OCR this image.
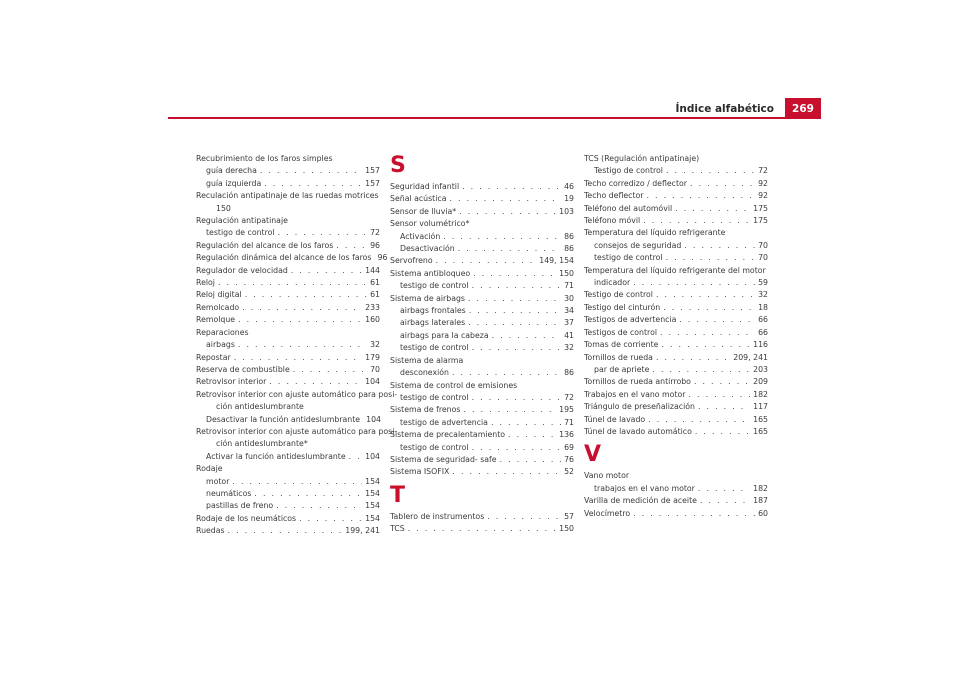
Índice alfabético	269
Recubrimiento de los faros simples
guía derecha . . .	157
guía izquierda . . .	157
Reculación antipatinaje de las ruedas motrices
150
Regulación antipatinaje
testigo de control . . .	72
Regulación del alcance de los faros . . .	96
Regulación dinámica del alcance de los faros 96
Regulador de velocidad . . .	144
Reloj . . .	61
Reloj digital . . .	61
Remolcado . . .	233
Remolque . . .	160
Reparaciones
airbags . . .	32
Repostar . . .	179
Reserva de combustible . . .	70
Retrovisor interior . . .	104
Retrovisor interior con ajuste automático para posi-
ción antideslumbrante
Desactivar la función antideslumbrante 104
Retrovisor interior con ajuste automático para posi-
ción antideslumbrante*
Activar la función antideslumbrante . . . 104
Rodaje
motor . . .	154
neumáticos . . .	154
pastillas de freno . . .	154
Rodaje de los neumáticos . . .	154
Ruedas . . .	199, 241
S
Seguridad infantil . . .	46
Señal acústica . . .	19
Sensor de lluvia* . . .	103
Sensor volumétrico*
Activación . . .	86
Desactivación . . .	86
Servofreno . . .	149, 154
Sistema antibloqueo . . .	150
testigo de control . . .	71
Sistema de airbags . . .	30
airbags frontales . . .	34
airbags laterales . . .	37
airbags para la cabeza . . .	41
testigo de control . . .	32
Sistema de alarma
desconexión . . .	86
Sistema de control de emisiones
testigo de control . . .	72
Sistema de frenos . . .	195
testigo de advertencia . . .	71
Sistema de precalentamiento . . .	136
testigo de control . . .	69
Sistema de seguridad- safe . . .	76
Sistema ISOFIX . . .	52
T
Tablero de instrumentos . . .	57
TCS . . .	150
TCS (Regulación antipatinaje)
Testigo de control . . .	72
Techo corredizo / deflector . . .	92
Techo deflector . . .	92
Teléfono del automóvil . . .	175
Teléfono móvil . . .	175
Temperatura del líquido refrigerante
consejos de seguridad . . .	70
testigo de control . . .	70
Temperatura del líquido refrigerante del motor
indicador . . .	59
Testigo de control . . .	32
Testigo del cinturón . . .	18
Testigos de advertencia . . .	66
Testigos de control . . .	66
Tomas de corriente . . .	116
Tornillos de rueda . . .	209, 241
par de apriete . . .	203
Tornillos de rueda antirrobo . . .	209
Trabajos en el vano motor . . .	182
Triángulo de preseñalización . . .	117
Túnel de lavado . . .	165
Túnel de lavado automático . . .	165
V
Vano motor
trabajos en el vano motor . . .	182
Varilla de medición de aceite . . .	187
Velocímetro . . .	60
